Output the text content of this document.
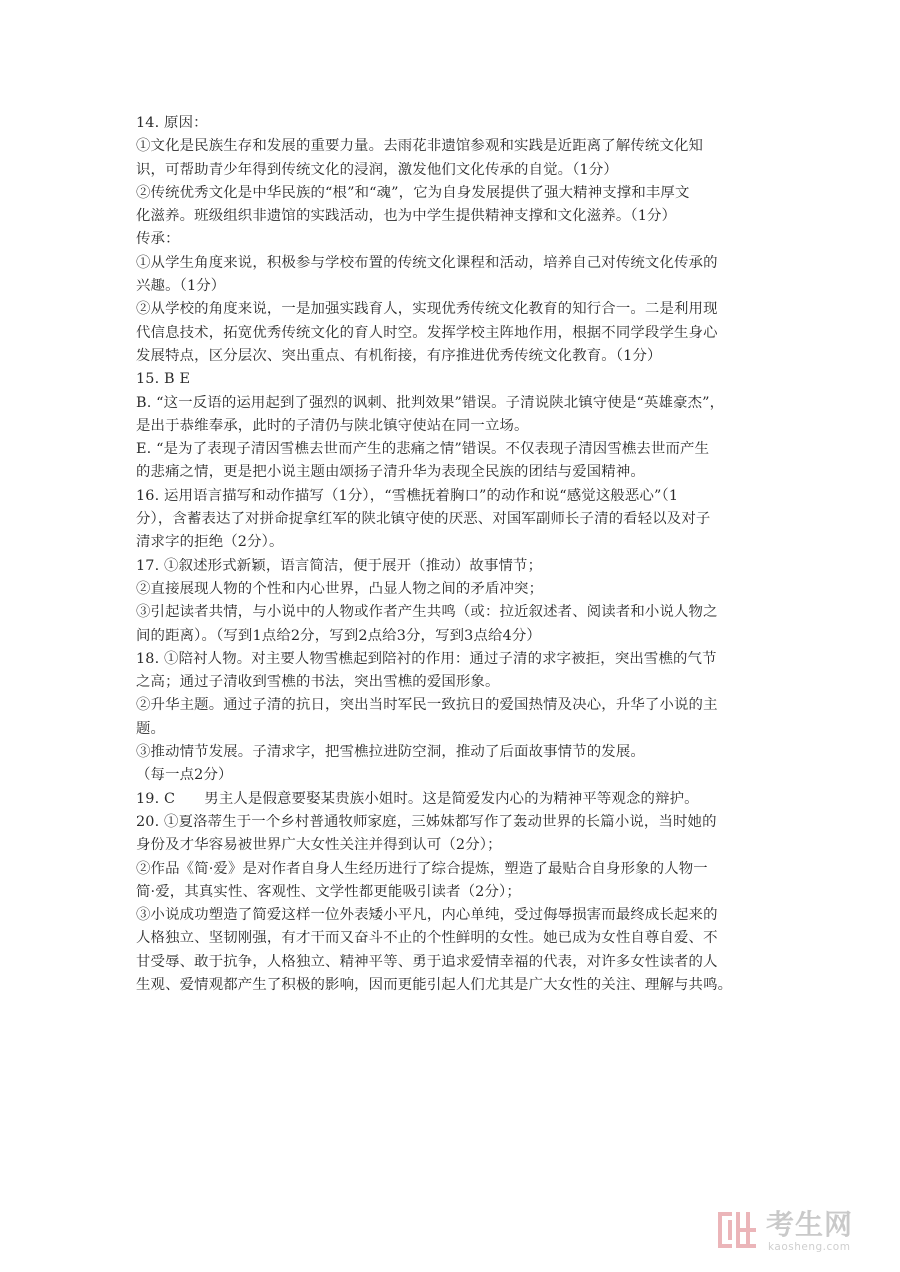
14. 原因：
①文化是民族生存和发展的重要力量。去雨花非遗馆参观和实践是近距离了解传统文化知
识，可帮助青少年得到传统文化的浸润，激发他们文化传承的自觉。（1分）
②传统优秀文化是中华民族的“根”和“魂”，它为自身发展提供了强大精神支撑和丰厚文
化滋养。班级组织非遗馆的实践活动，也为中学生提供精神支撑和文化滋养。（1分）
传承：
①从学生角度来说，积极参与学校布置的传统文化课程和活动，培养自己对传统文化传承的
兴趣。（1分）
②从学校的角度来说，一是加强实践育人，实现优秀传统文化教育的知行合一。二是利用现
代信息技术，拓宽优秀传统文化的育人时空。发挥学校主阵地作用，根据不同学段学生身心
发展特点，区分层次、突出重点、有机衔接，有序推进优秀传统文化教育。（1分）
15. B E
B. “这一反语的运用起到了强烈的讽刺、批判效果”错误。子清说陕北镇守使是“英雄豪杰”，
是出于恭维奉承，此时的子清仍与陕北镇守使站在同一立场。
E. “是为了表现子清因雪樵去世而产生的悲痛之情”错误。不仅表现子清因雪樵去世而产生
的悲痛之情，更是把小说主题由颂扬子清升华为表现全民族的团结与爱国精神。
16. 运用语言描写和动作描写（1分），“雪樵抚着胸口”的动作和说“感觉这般恶心”（1
分），含蓄表达了对拼命捉拿红军的陕北镇守使的厌恶、对国军副师长子清的看轻以及对子
清求字的拒绝（2分）。
17. ①叙述形式新颖，语言简洁，便于展开（推动）故事情节；
②直接展现人物的个性和内心世界，凸显人物之间的矛盾冲突；
③引起读者共情，与小说中的人物或作者产生共鸣（或：拉近叙述者、阅读者和小说人物之
间的距离）。（写到1点给2分，写到2点给3分，写到3点给4分）
18. ①陪衬人物。对主要人物雪樵起到陪衬的作用：通过子清的求字被拒，突出雪樵的气节
之高；通过子清收到雪樵的书法，突出雪樵的爱国形象。
②升华主题。通过子清的抗日，突出当时军民一致抗日的爱国热情及决心，升华了小说的主
题。
③推动情节发展。子清求字，把雪樵拉进防空洞，推动了后面故事情节的发展。
（每一点2分）
19. C　　男主人是假意要娶某贵族小姐时。这是简爱发内心的为精神平等观念的辩护。
20. ①夏洛蒂生于一个乡村普通牧师家庭，三姊妹都写作了轰动世界的长篇小说，当时她的
身份及才华容易被世界广大女性关注并得到认可（2分）；
②作品《简·爱》是对作者自身人生经历进行了综合提炼，塑造了最贴合自身形象的人物一
简·爱，其真实性、客观性、文学性都更能吸引读者（2分）；
③小说成功塑造了简爱这样一位外表矮小平凡，内心单纯，受过侮辱损害而最终成长起来的
人格独立、坚韧刚强，有才干而又奋斗不止的个性鲜明的女性。她已成为女性自尊自爱、不
甘受辱、敢于抗争，人格独立、精神平等、勇于追求爱情幸福的代表，对许多女性读者的人
生观、爱情观都产生了积极的影响，因而更能引起人们尤其是广大女性的关注、理解与共鸣。
考生网
kaosheng.com
